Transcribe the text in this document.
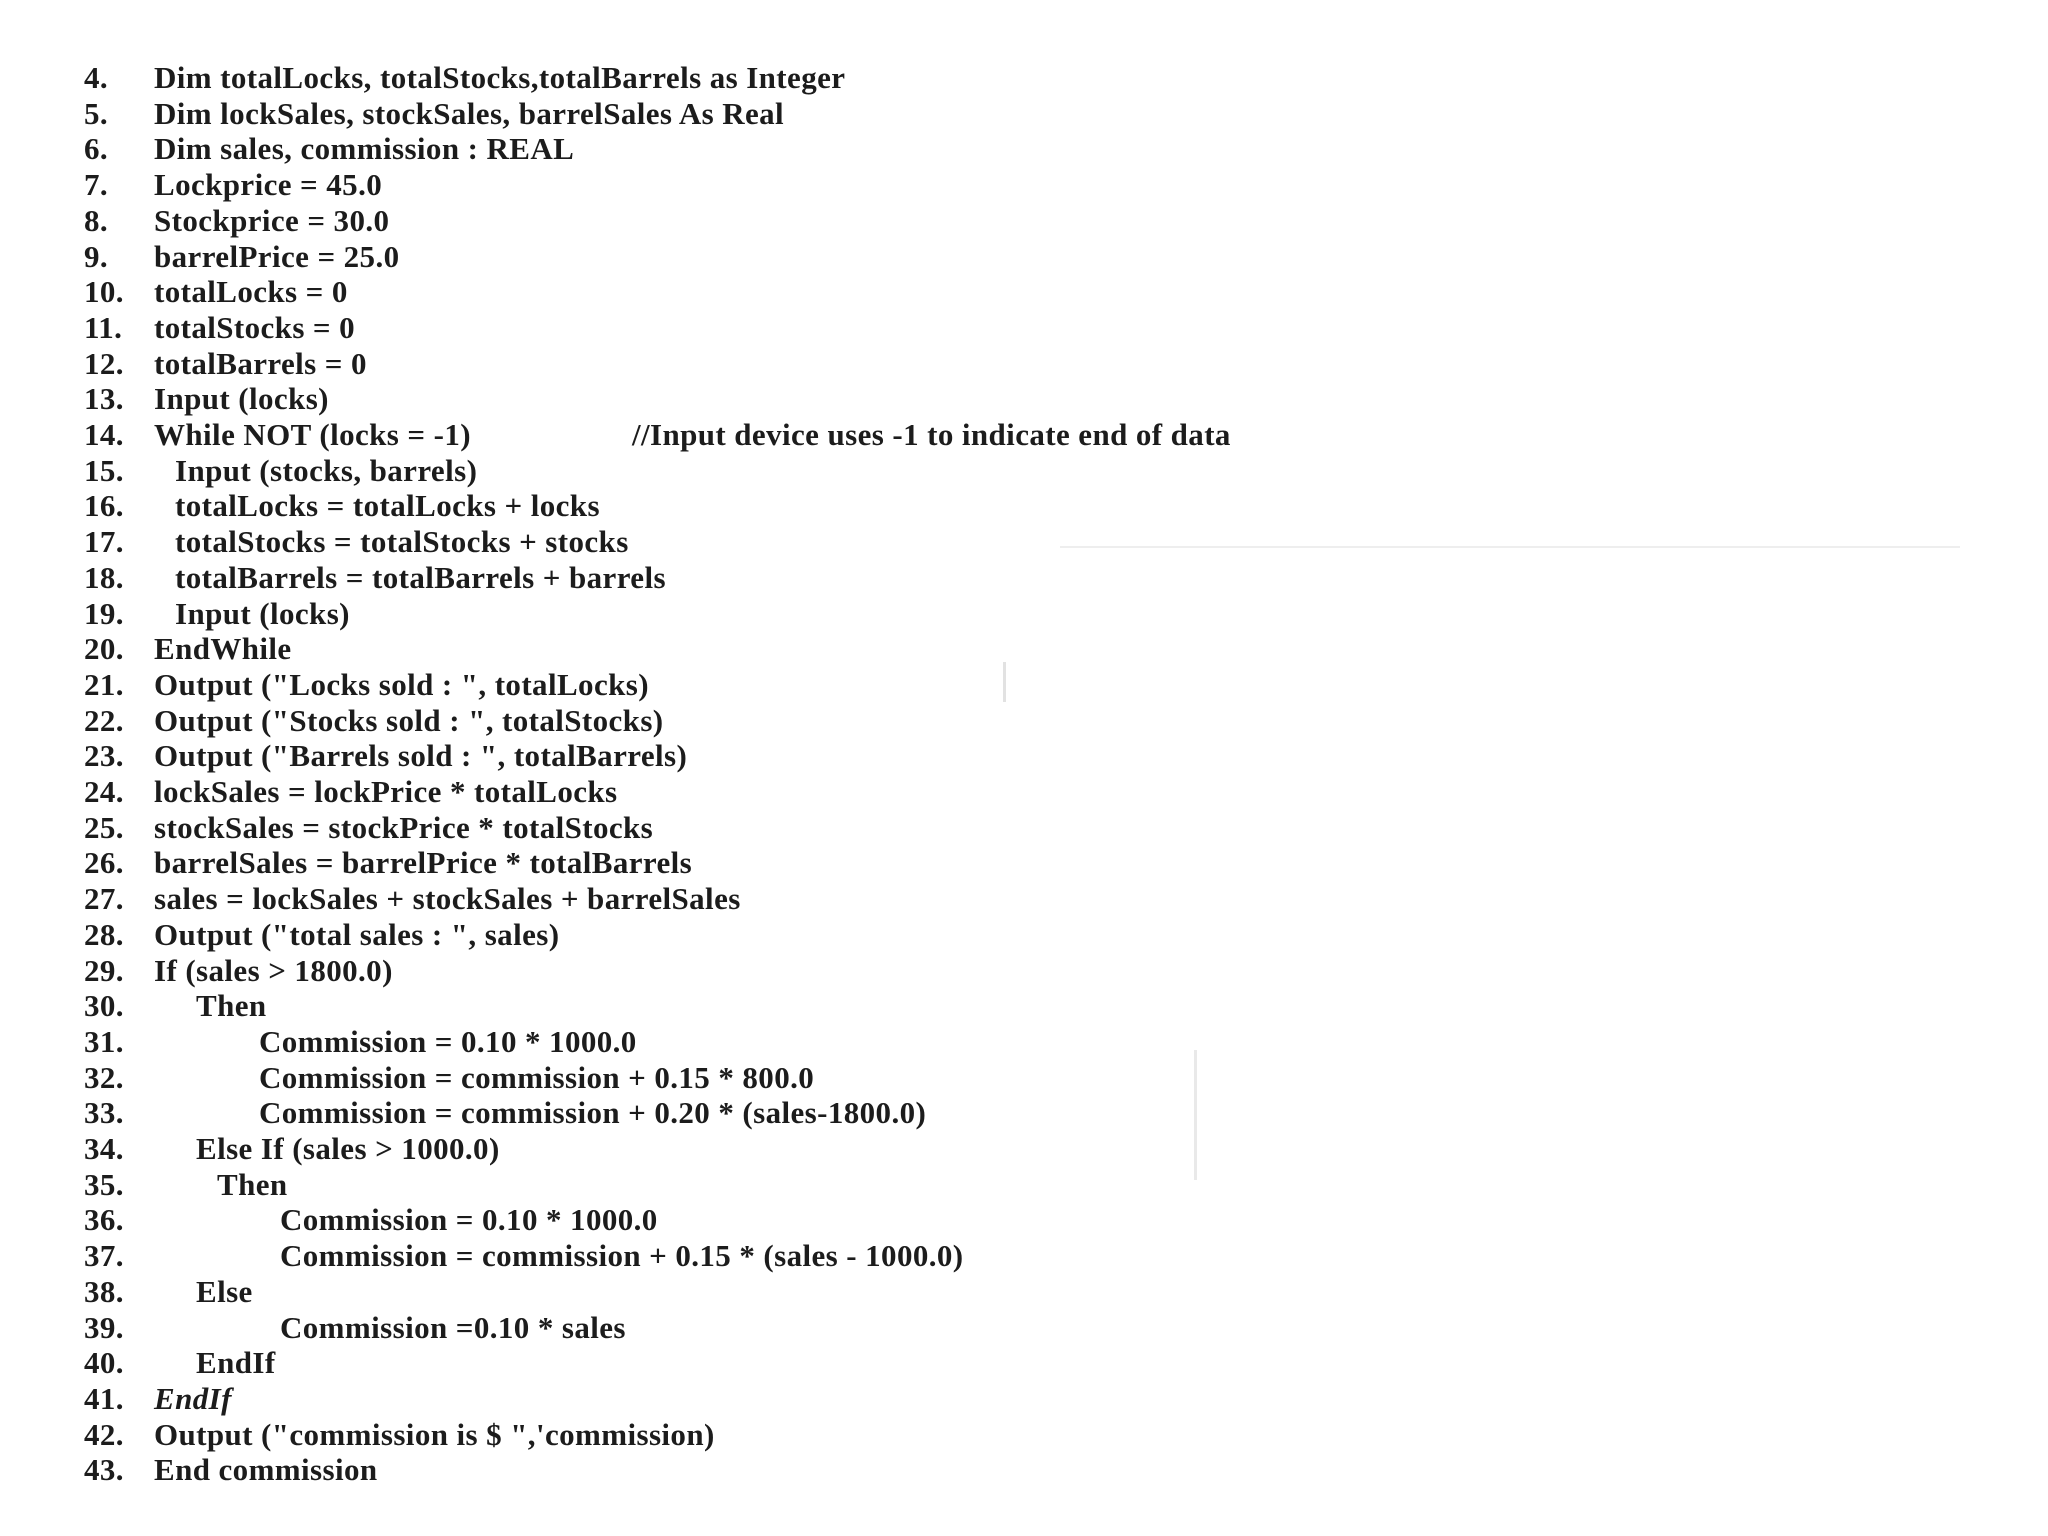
4. Dim totalLocks, totalStocks,totalBarrels as Integer
5. Dim lockSales, stockSales, barrelSales As Real
6. Dim sales, commission : REAL
7. Lockprice = 45.0
8. Stockprice = 30.0
9. barrelPrice = 25.0
10. totalLocks = 0
11. totalStocks = 0
12. totalBarrels = 0
13. Input (locks)
14. While NOT (locks = -1)	//Input device uses -1 to indicate end of data
15. Input (stocks, barrels)
16. totalLocks = totalLocks + locks
17. totalStocks = totalStocks + stocks
18. totalBarrels = totalBarrels + barrels
19. Input (locks)
20. EndWhile
21. Output ("Locks sold : ", totalLocks)
22. Output ("Stocks sold : ", totalStocks)
23. Output ("Barrels sold : ", totalBarrels)
24. lockSales = lockPrice * totalLocks
25. stockSales = stockPrice * totalStocks
26. barrelSales = barrelPrice * totalBarrels
27. sales = lockSales + stockSales + barrelSales
28. Output ("total sales : ", sales)
29. If (sales > 1800.0)
30. Then
31.	Commission = 0.10 * 1000.0
32.	Commission = commission + 0.15 * 800.0
33.	Commission = commission + 0.20 * (sales-1800.0)
34. Else If (sales > 1000.0)
35.	Then
36.	Commission = 0.10 * 1000.0
37.	Commission = commission + 0.15 * (sales - 1000.0)
38. Else
39.	Commission =0.10 * sales
40. EndIf
41. EndIf
42. Output ("commission is $ ",'commission)
43. End commission
